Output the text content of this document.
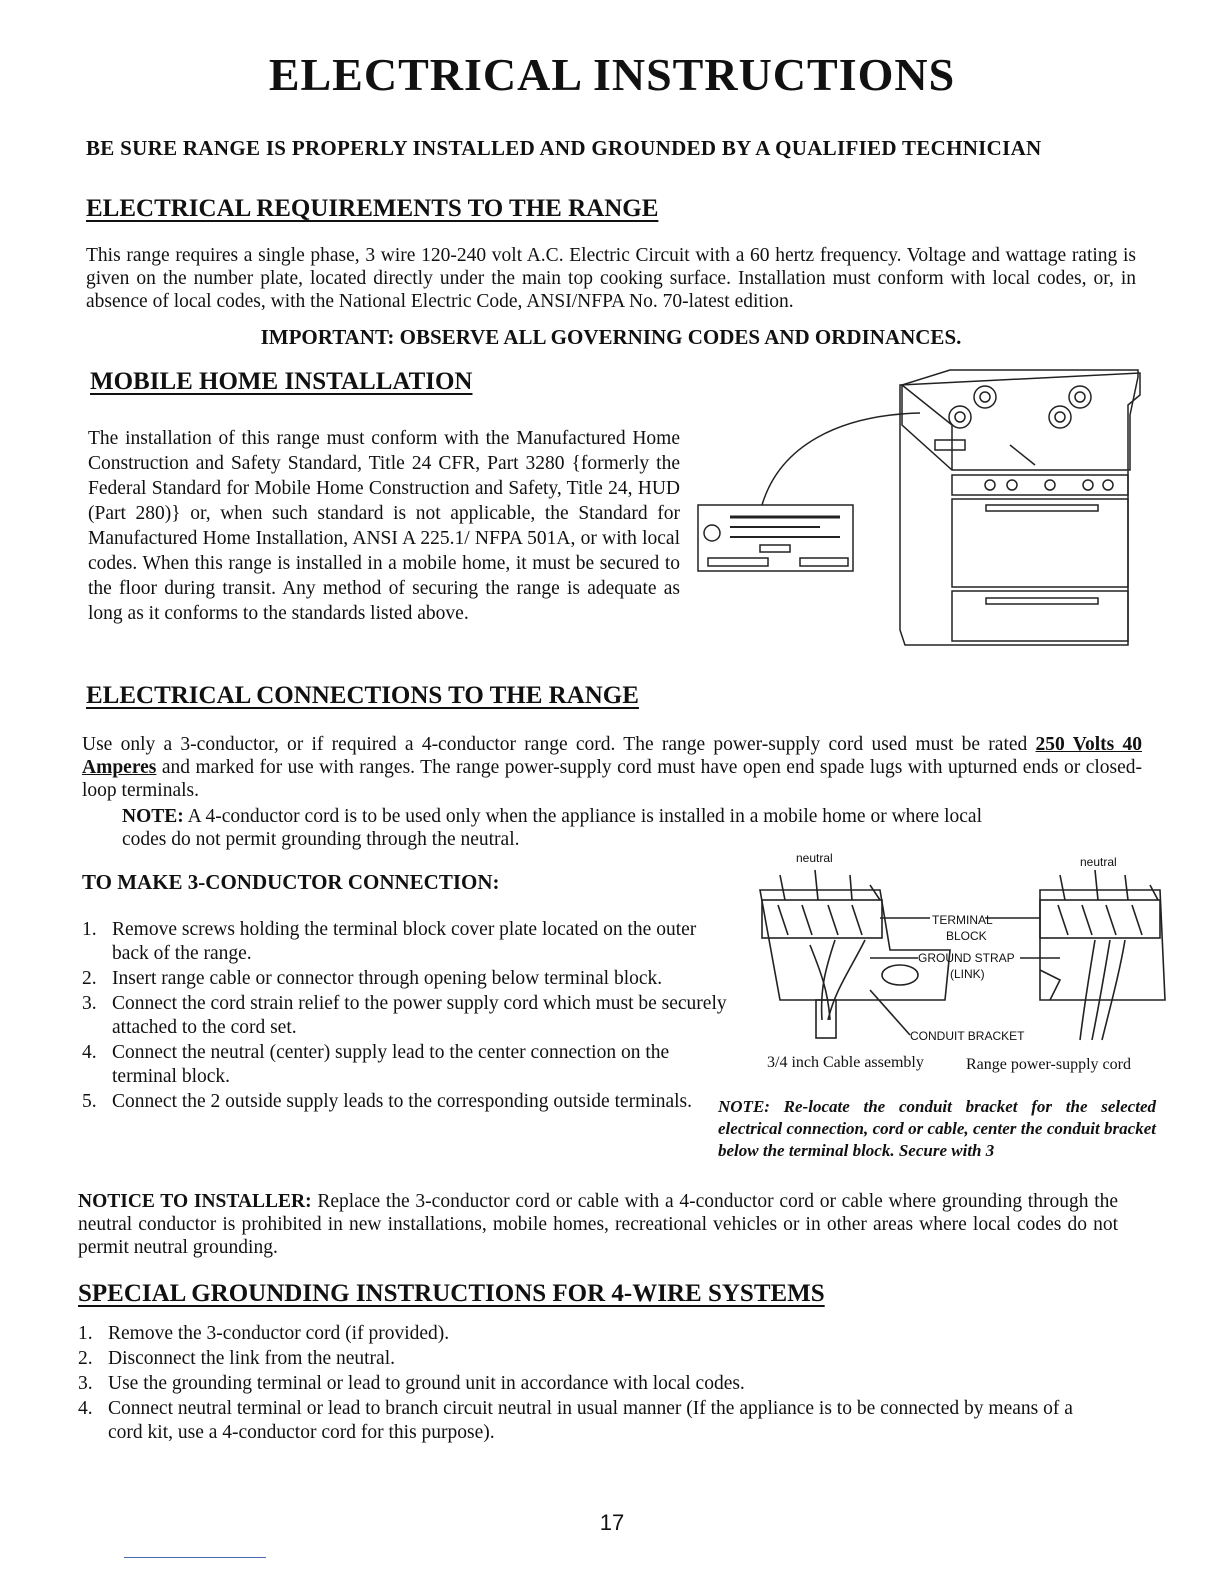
ELECTRICAL INSTRUCTIONS
BE SURE RANGE IS PROPERLY INSTALLED AND GROUNDED BY A QUALIFIED TECHNICIAN
ELECTRICAL REQUIREMENTS TO THE RANGE
This range requires a single phase, 3 wire 120-240 volt A.C. Electric Circuit with a 60 hertz frequency. Voltage and wattage rating is given on the number plate, located directly under the main top cooking surface. Installation must conform with local codes, or, in absence of local codes, with the National Electric Code, ANSI/NFPA No. 70-latest edition.
IMPORTANT: OBSERVE ALL GOVERNING CODES AND ORDINANCES.
MOBILE HOME INSTALLATION
The installation of this range must conform with the Manufactured Home Construction and Safety Standard, Title 24 CFR, Part 3280 {formerly the Federal Standard for Mobile Home Construction and Safety, Title 24, HUD (Part 280)} or, when such standard is not applicable, the Standard for Manufactured Home Installation, ANSI A 225.1/ NFPA 501A, or with local codes. When this range is installed in a mobile home, it must be secured to the floor during transit. Any method of securing the range is adequate as long as it conforms to the standards listed above.
ELECTRICAL CONNECTIONS TO THE RANGE
Use only a 3-conductor, or if required a 4-conductor range cord. The range power-supply cord used must be rated 250 Volts 40 Amperes and marked for use with ranges. The range power-supply cord must have open end spade lugs with upturned ends or closed-loop terminals.
NOTE: A 4-conductor cord is to be used only when the appliance is installed in a mobile home or where local codes do not permit grounding through the neutral.
TO MAKE 3-CONDUCTOR CONNECTION:
1. Remove screws holding the terminal block cover plate located on the outer back of the range.
2. Insert range cable or connector through opening below terminal block.
3. Connect the cord strain relief to the power supply cord which must be securely attached to the cord set.
4. Connect the neutral (center) supply lead to the center connection on the terminal block.
5. Connect the 2 outside supply leads to the corresponding outside terminals.
neutral	neutral
TERMINAL
BLOCK
GROUND STRAP
(LINK)
CONDUIT BRACKET
3/4 inch Cable assembly	Range power-supply cord
NOTE: Re-locate the conduit bracket for the selected electrical connection, cord or cable, center the conduit bracket below the terminal block. Secure with 3
NOTICE TO INSTALLER: Replace the 3-conductor cord or cable with a 4-conductor cord or cable where grounding through the neutral conductor is prohibited in new installations, mobile homes, recreational vehicles or in other areas where local codes do not permit neutral grounding.
SPECIAL GROUNDING INSTRUCTIONS FOR 4-WIRE SYSTEMS
1. Remove the 3-conductor cord (if provided).
2. Disconnect the link from the neutral.
3. Use the grounding terminal or lead to ground unit in accordance with local codes.
4. Connect neutral terminal or lead to branch circuit neutral in usual manner (If the appliance is to be connected by means of a cord kit, use a 4-conductor cord for this purpose).
17
